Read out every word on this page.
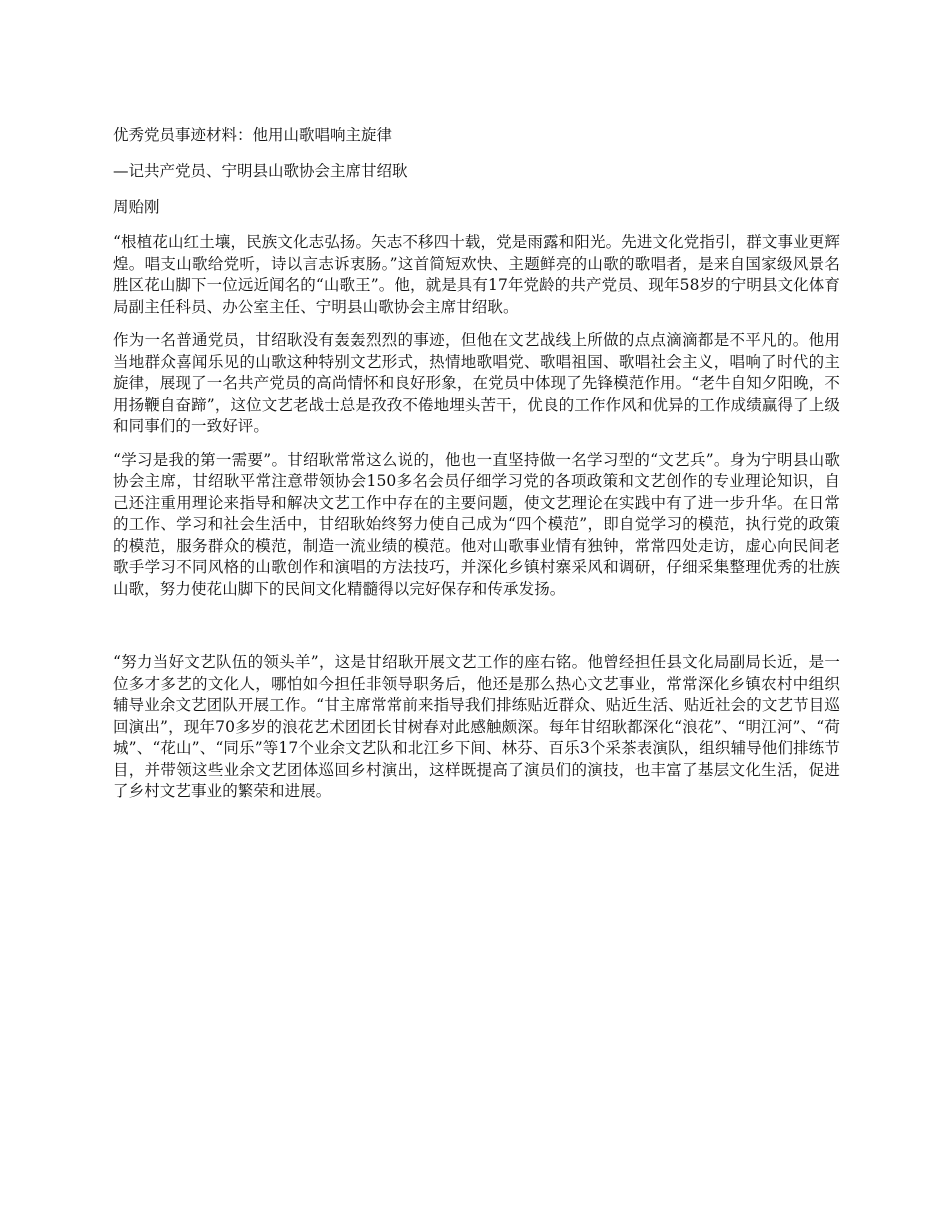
优秀党员事迹材料：他用山歌唱响主旋律

—记共产党员、宁明县山歌协会主席甘绍耿

周贻刚

“根植花山红土壤，民族文化志弘扬。矢志不移四十载，党是雨露和阳光。先进文化党指引，群文事业更辉煌。唱支山歌给党听，诗以言志诉衷肠。”这首简短欢快、主题鲜亮的山歌的歌唱者，是来自国家级风景名胜区花山脚下一位远近闻名的“山歌王”。他，就是具有17年党龄的共产党员、现年58岁的宁明县文化体育局副主任科员、办公室主任、宁明县山歌协会主席甘绍耿。

作为一名普通党员，甘绍耿没有轰轰烈烈的事迹，但他在文艺战线上所做的点点滴滴都是不平凡的。他用当地群众喜闻乐见的山歌这种特别文艺形式，热情地歌唱党、歌唱祖国、歌唱社会主义，唱响了时代的主旋律，展现了一名共产党员的高尚情怀和良好形象，在党员中体现了先锋模范作用。“老牛自知夕阳晚，不用扬鞭自奋蹄”，这位文艺老战士总是孜孜不倦地埋头苦干，优良的工作作风和优异的工作成绩赢得了上级和同事们的一致好评。

“学习是我的第一需要”。甘绍耿常常这么说的，他也一直坚持做一名学习型的“文艺兵”。身为宁明县山歌协会主席，甘绍耿平常注意带领协会150多名会员仔细学习党的各项政策和文艺创作的专业理论知识，自己还注重用理论来指导和解决文艺工作中存在的主要问题，使文艺理论在实践中有了进一步升华。在日常的工作、学习和社会生活中，甘绍耿始终努力使自己成为“四个模范”，即自觉学习的模范，执行党的政策的模范，服务群众的模范，制造一流业绩的模范。他对山歌事业情有独钟，常常四处走访，虚心向民间老歌手学习不同风格的山歌创作和演唱的方法技巧，并深化乡镇村寨采风和调研，仔细采集整理优秀的壮族山歌，努力使花山脚下的民间文化精髓得以完好保存和传承发扬。

“努力当好文艺队伍的领头羊”，这是甘绍耿开展文艺工作的座右铭。他曾经担任县文化局副局长近，是一位多才多艺的文化人，哪怕如今担任非领导职务后，他还是那么热心文艺事业，常常深化乡镇农村中组织辅导业余文艺团队开展工作。“甘主席常常前来指导我们排练贴近群众、贴近生活、贴近社会的文艺节目巡回演出”，现年70多岁的浪花艺术团团长甘树春对此感触颇深。每年甘绍耿都深化“浪花”、“明江河”、“荷城”、“花山”、“同乐”等17个业余文艺队和北江乡下间、林芬、百乐3个采茶表演队，组织辅导他们排练节目，并带领这些业余文艺团体巡回乡村演出，这样既提高了演员们的演技，也丰富了基层文化生活，促进了乡村文艺事业的繁荣和进展。
